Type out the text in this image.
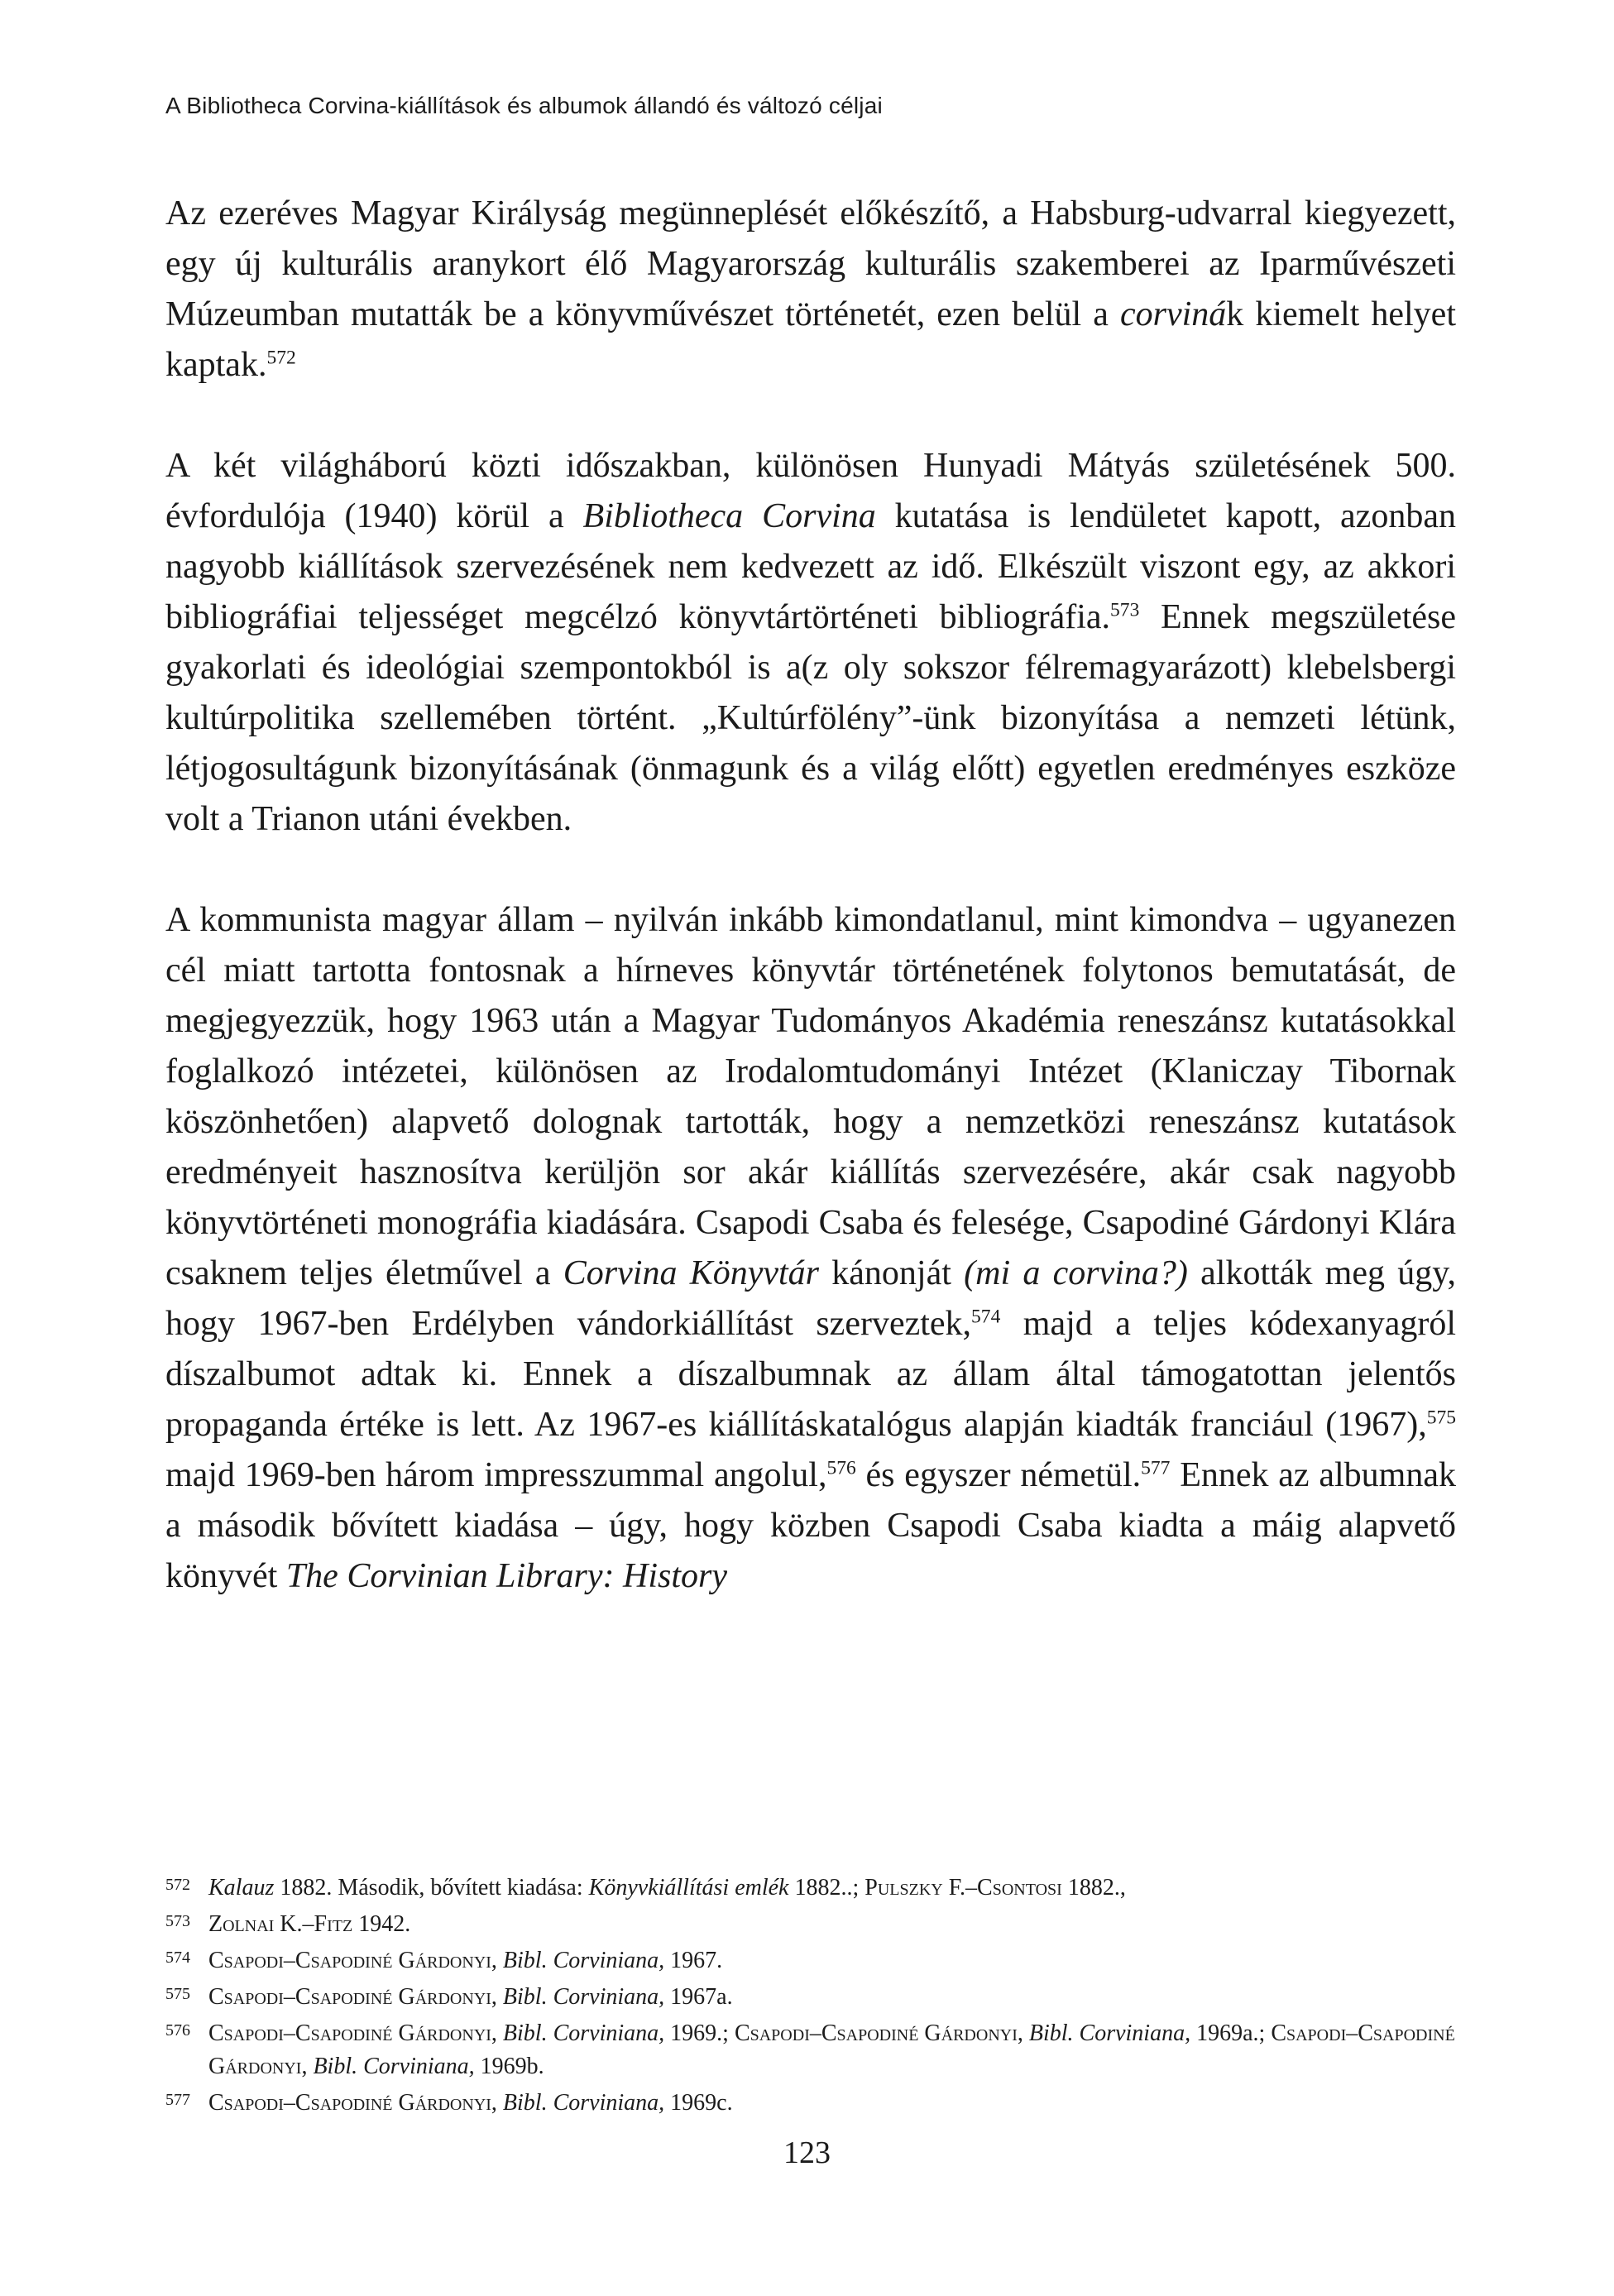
A Bibliotheca Corvina-kiállítások és albumok állandó és változó céljai

Az ezeréves Magyar Királyság megünneplését előkészítő, a Habsburg-udvarral kiegyezett, egy új kulturális aranykort élő Magyarország kulturális szakemberei az Iparművészeti Múzeumban mutatták be a könyvművészet történetét, ezen belül a corvinák kiemelt helyet kaptak.$^{572}$

A két világháború közti időszakban, különösen Hunyadi Mátyás születésének 500. évfordulója (1940) körül a Bibliotheca Corvina kutatása is lendületet kapott, azonban nagyobb kiállítások szervezésének nem kedvezett az idő. Elkészült viszont egy, az akkori bibliográfiai teljességet megcélzó könyvtártörténeti bibliográfia.$^{573}$ Ennek megszületése gyakorlati és ideológiai szempontokból is a(z oly sokszor félremagyarázott) klebelsbergi kultúrpolitika szellemében történt. „Kultúrfölény”-ünk bizonyítása a nemzeti létünk, létjogosultágunk bizonyításának (önmagunk és a világ előtt) egyetlen eredményes eszköze volt a Trianon utáni években.

A kommunista magyar állam – nyilván inkább kimondatlanul, mint kimondva – ugyanezen cél miatt tartotta fontosnak a hírneves könyvtár történetének folytonos bemutatását, de megjegyezzük, hogy 1963 után a Magyar Tudományos Akadémia reneszánsz kutatásokkal foglalkozó intézetei, különösen az Irodalomtudományi Intézet (Klaniczay Tibornak köszönhetően) alapvető dolognak tartották, hogy a nemzetközi reneszánsz kutatások eredményeit hasznosítva kerüljön sor akár kiállítás szervezésére, akár csak nagyobb könyvtörténeti monográfia kiadására. Csapodi Csaba és felesége, Csapodiné Gárdonyi Klára csaknem teljes életművel a Corvina Könyvtár kánonját (mi a corvina?) alkották meg úgy, hogy 1967-ben Erdélyben vándorkiállítást szerveztek,$^{574}$ majd a teljes kódexanyagról díszalbumot adtak ki. Ennek a díszalbumnak az állam által támogatottan jelentős propaganda értéke is lett. Az 1967-es kiállításkatalógus alapján kiadták franciául (1967),$^{575}$ majd 1969-ben három impresszummal angolul,$^{576}$ és egyszer németül.$^{577}$ Ennek az albumnak a második bővített kiadása – úgy, hogy közben Csapodi Csaba kiadta a máig alapvető könyvét The Corvinian Library: History

572 Kalauz 1882. Második, bővített kiadása: Könyvkiállítási emlék 1882..; Pulszky F.–Csontosi 1882.,

573 Zolnai K.–Fitz 1942.

574 Csapodi–Csapodiné Gárdonyi, Bibl. Corviniana, 1967.

575 Csapodi–Csapodiné Gárdonyi, Bibl. Corviniana, 1967a.

576 Csapodi–Csapodiné Gárdonyi, Bibl. Corviniana, 1969.; Csapodi–Csapodiné Gárdonyi, Bibl. Corviniana, 1969a.; Csapodi–Csapodiné Gárdonyi, Bibl. Corviniana, 1969b.

577 Csapodi–Csapodiné Gárdonyi, Bibl. Corviniana, 1969c.

123
